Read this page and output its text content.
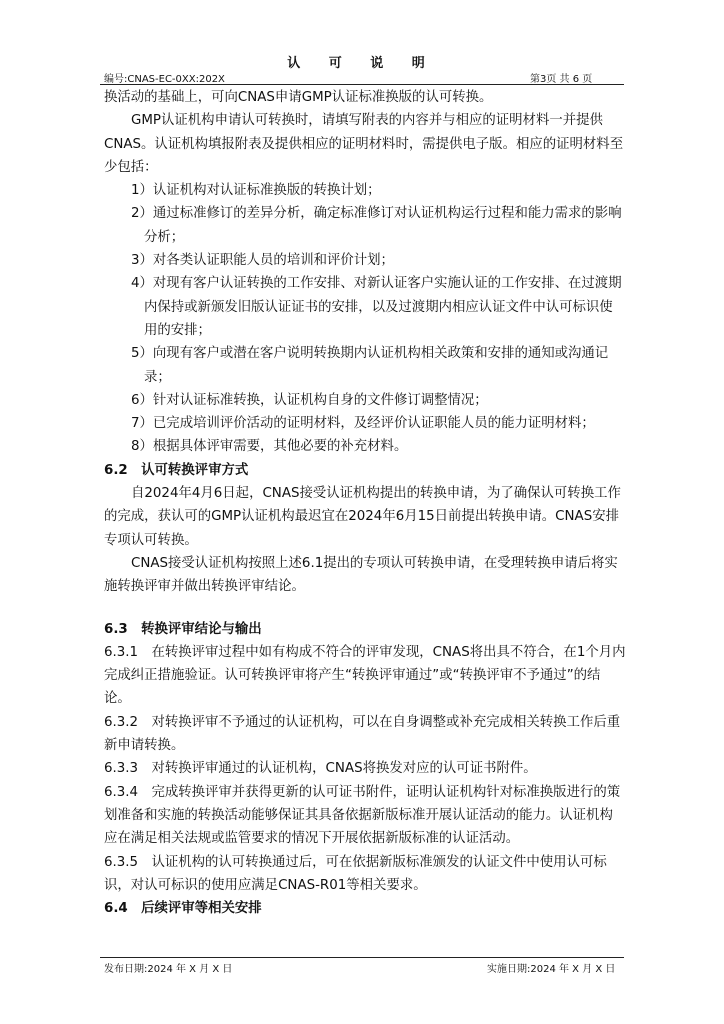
认 可 说 明
编号:CNAS-EC-0XX:202X	第3页 共 6 页

换活动的基础上，可向CNAS申请GMP认证标准换版的认可转换。

GMP认证机构申请认可转换时，请填写附表的内容并与相应的证明材料一并提供CNAS。认证机构填报附表及提供相应的证明材料时，需提供电子版。相应的证明材料至少包括：

1）认证机构对认证标准换版的转换计划；

2）通过标准修订的差异分析，确定标准修订对认证机构运行过程和能力需求的影响分析；

3）对各类认证职能人员的培训和评价计划；

4）对现有客户认证转换的工作安排、对新认证客户实施认证的工作安排、在过渡期内保持或新颁发旧版认证证书的安排，以及过渡期内相应认证文件中认可标识使用的安排；

5）向现有客户或潜在客户说明转换期内认证机构相关政策和安排的通知或沟通记录；

6）针对认证标准转换，认证机构自身的文件修订调整情况；

7）已完成培训评价活动的证明材料，及经评价认证职能人员的能力证明材料；

8）根据具体评审需要，其他必要的补充材料。

6.2　认可转换评审方式

自2024年4月6日起，CNAS接受认证机构提出的转换申请，为了确保认可转换工作的完成，获认可的GMP认证机构最迟宜在2024年6月15日前提出转换申请。CNAS安排专项认可转换。

CNAS接受认证机构按照上述6.1提出的专项认可转换申请，在受理转换申请后将实施转换评审并做出转换评审结论。

6.3　转换评审结论与输出

6.3.1　在转换评审过程中如有构成不符合的评审发现，CNAS将出具不符合，在1个月内完成纠正措施验证。认可转换评审将产生“转换评审通过”或“转换评审不予通过”的结论。

6.3.2　对转换评审不予通过的认证机构，可以在自身调整或补充完成相关转换工作后重新申请转换。

6.3.3　对转换评审通过的认证机构，CNAS将换发对应的认可证书附件。

6.3.4　完成转换评审并获得更新的认可证书附件，证明认证机构针对标准换版进行的策划准备和实施的转换活动能够保证其具备依据新版标准开展认证活动的能力。认证机构应在满足相关法规或监管要求的情况下开展依据新版标准的认证活动。

6.3.5　认证机构的认可转换通过后，可在依据新版标准颁发的认证文件中使用认可标识，对认可标识的使用应满足CNAS-R01等相关要求。

6.4　后续评审等相关安排

发布日期:2024 年 X 月 X 日	实施日期:2024 年 X 月 X 日
